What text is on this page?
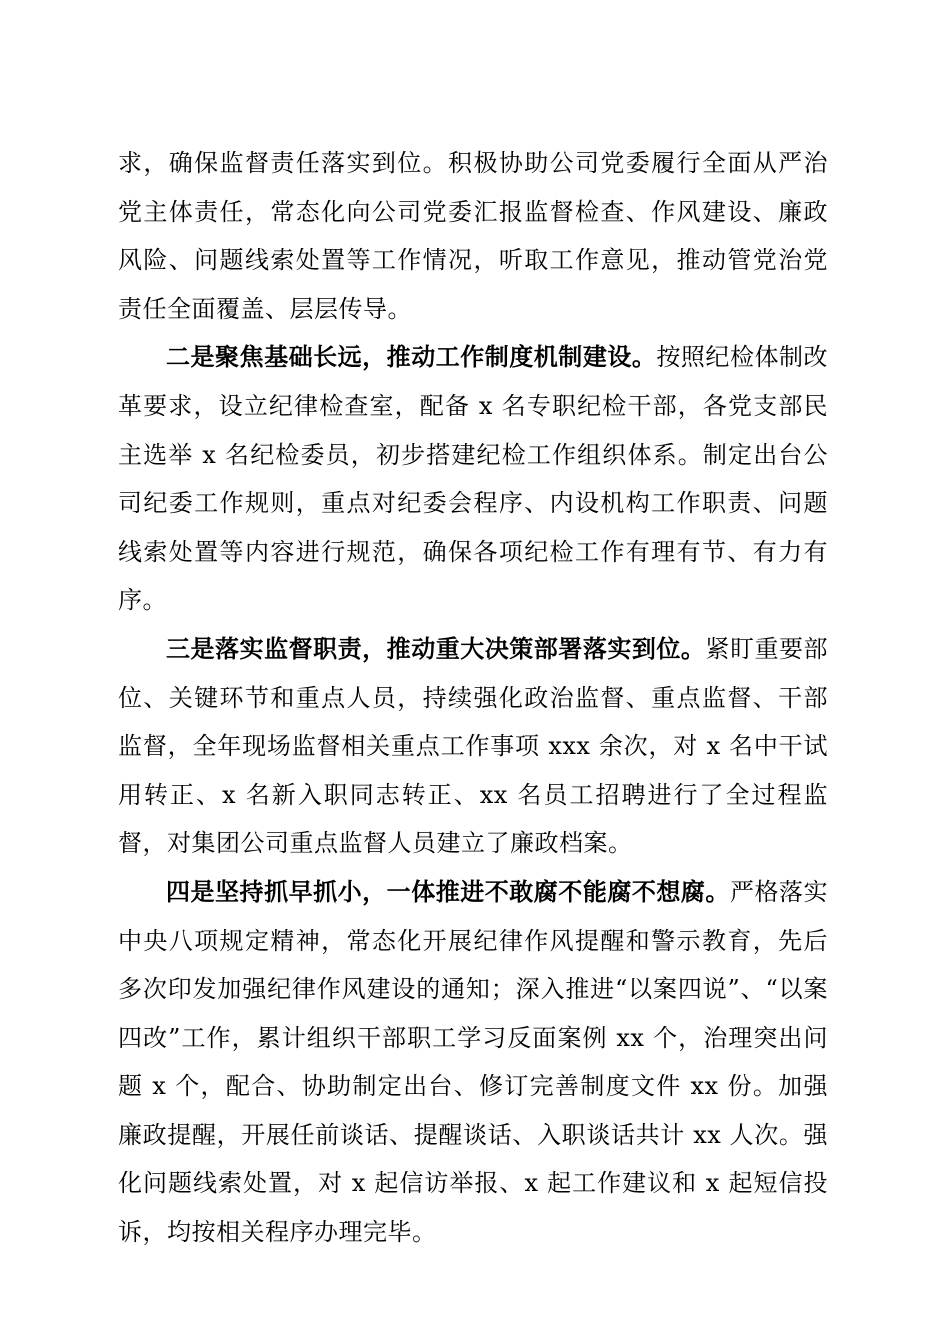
求，确保监督责任落实到位。积极协助公司党委履行全面从严治党主体责任，常态化向公司党委汇报监督检查、作风建设、廉政风险、问题线索处置等工作情况，听取工作意见，推动管党治党责任全面覆盖、层层传导。

二是聚焦基础长远，推动工作制度机制建设。按照纪检体制改革要求，设立纪律检查室，配备 x 名专职纪检干部，各党支部民主选举 x 名纪检委员，初步搭建纪检工作组织体系。制定出台公司纪委工作规则，重点对纪委会程序、内设机构工作职责、问题线索处置等内容进行规范，确保各项纪检工作有理有节、有力有序。

三是落实监督职责，推动重大决策部署落实到位。紧盯重要部位、关键环节和重点人员，持续强化政治监督、重点监督、干部监督，全年现场监督相关重点工作事项 xxx 余次，对 x 名中干试用转正、x 名新入职同志转正、xx 名员工招聘进行了全过程监督，对集团公司重点监督人员建立了廉政档案。

四是坚持抓早抓小，一体推进不敢腐不能腐不想腐。严格落实中央八项规定精神，常态化开展纪律作风提醒和警示教育，先后多次印发加强纪律作风建设的通知；深入推进“以案四说”、“以案四改”工作，累计组织干部职工学习反面案例 xx 个，治理突出问题 x 个，配合、协助制定出台、修订完善制度文件 xx 份。加强廉政提醒，开展任前谈话、提醒谈话、入职谈话共计 xx 人次。强化问题线索处置，对 x 起信访举报、x 起工作建议和 x 起短信投诉，均按相关程序办理完毕。
